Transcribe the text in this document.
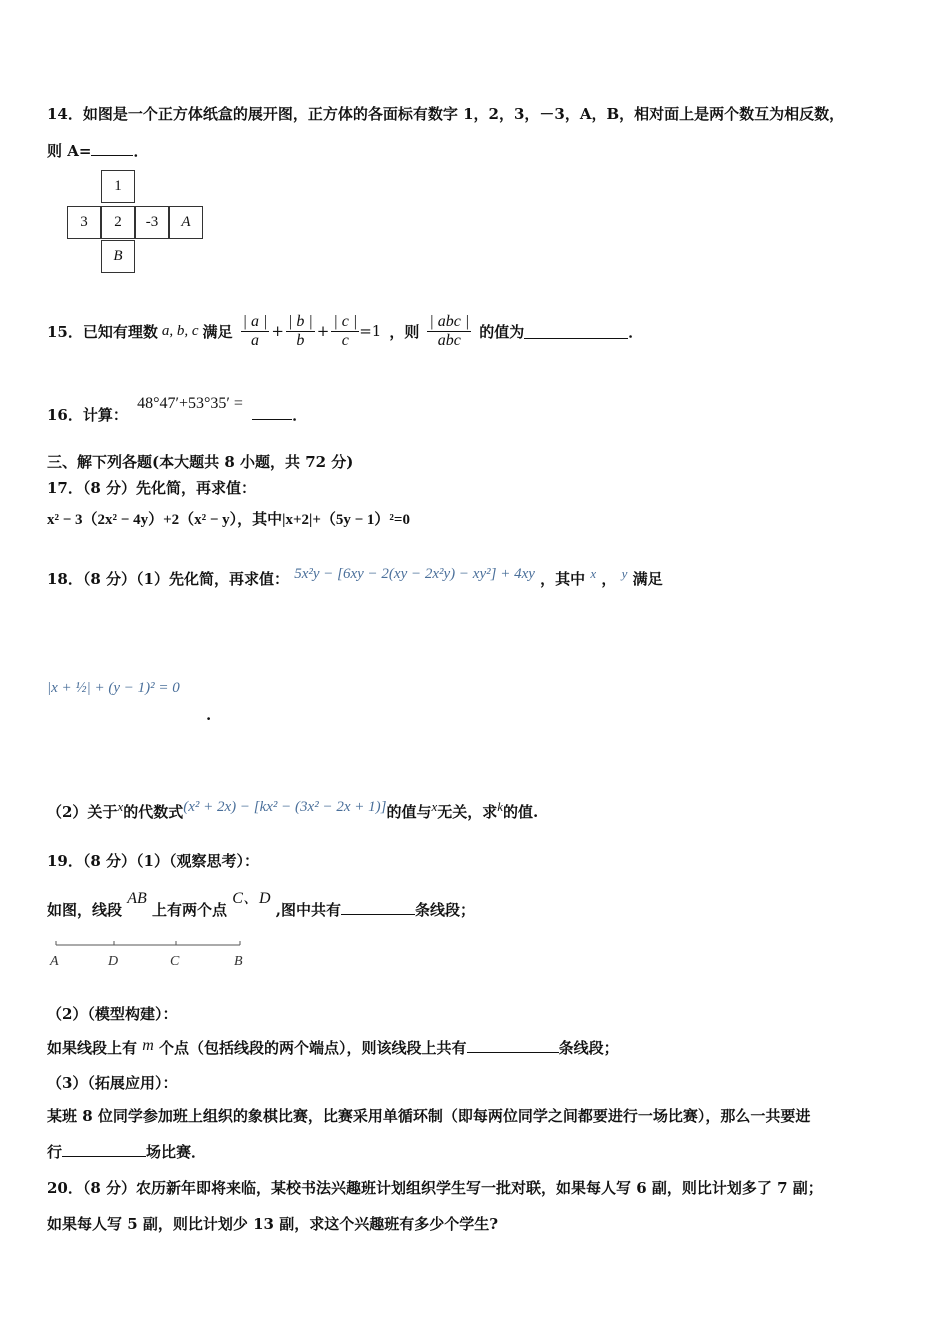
14．如图是一个正方体纸盒的展开图，正方体的各面标有数字 1，2，3，－3，A，B，相对面上是两个数互为相反数，
则 A=	．
1
3	2	-3	A
B
15．已知有理数 a, b, c 满足 $\frac{| a |}{a} + \frac{| b |}{b} + \frac{| c |}{c} =1$ ，则 $\frac{\text{| abc |}}{\text{abc}}$ 的值为	．
16．计算： 48°47′+53°35′ = ．
三、解下列各题(本大题共 8 小题，共 72 分)
17．（8 分）先化简，再求值：
x² − 3（2x² − 4y）+2（x² − y），其中|x+2|+（5y − 1）²=0
18．（8 分）（1）先化简，再求值： 5x²y − [6xy − 2(xy − 2x²y) − xy²] + 4xy ，其中 x ， y 满足
|x + ½| + (y − 1)² = 0
.
（2）关于x的代数式(x² + 2x) − [kx² − (3x² − 2x + 1)]的值与x无关，求k的值.
19．（8 分）（1）（观察思考）：
如图，线段 AB 上有两个点 C、D ,图中共有	条线段；
A	D	C	B
（2）（模型构建）：
如果线段上有 m 个点（包括线段的两个端点），则该线段上共有	条线段；
（3）（拓展应用）：
某班 8 位同学参加班上组织的象棋比赛，比赛采用单循环制（即每两位同学之间都要进行一场比赛），那么一共要进
行	场比赛．
20．（8 分）农历新年即将来临，某校书法兴趣班计划组织学生写一批对联，如果每人写 6 副，则比计划多了 7 副；
如果每人写 5 副，则比计划少 13 副，求这个兴趣班有多少个学生?
